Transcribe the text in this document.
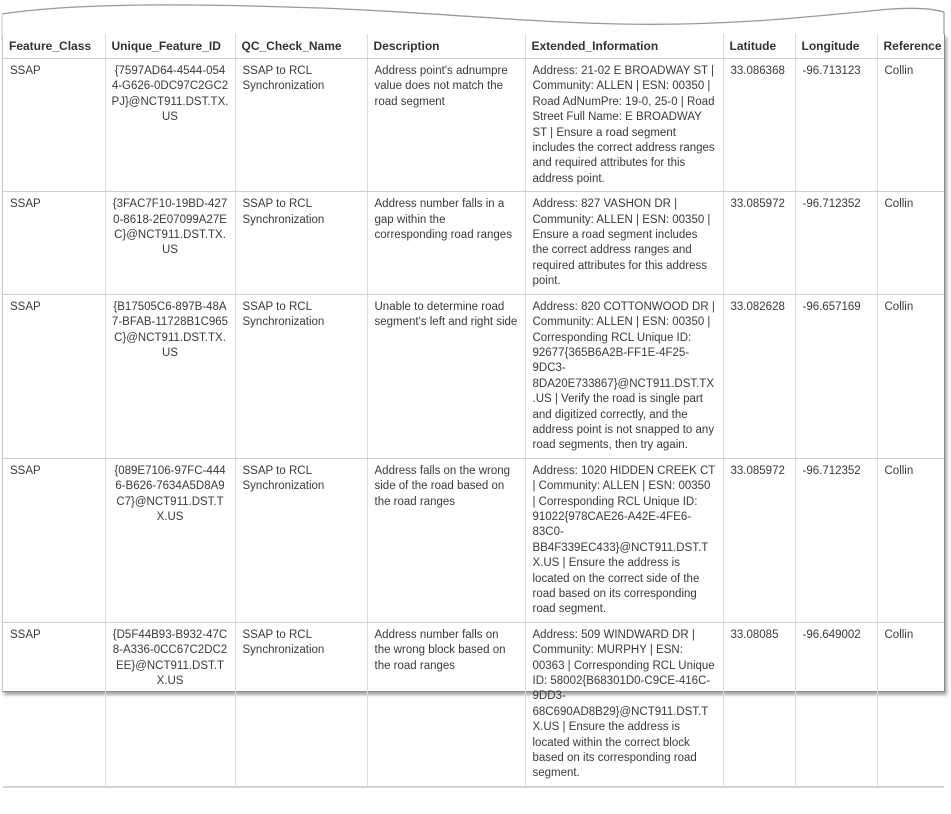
Feature_Class	Unique_Feature_ID	QC_Check_Name	Description	Extended_Information	Latitude	Longitude	Reference
SSAP	{7597AD64-4544-0544-G626-0DC97C2GC2PJ}@NCT911.DST.TX.US	SSAP to RCL Synchronization	Address point's adnumpre value does not match the road segment	Address: 21-02 E BROADWAY ST | Community: ALLEN | ESN: 00350 | Road AdNumPre: 19-0, 25-0 | Road Street Full Name: E BROADWAY ST | Ensure a road segment includes the correct address ranges and required attributes for this address point.	33.086368	-96.713123	Collin
SSAP	{3FAC7F10-19BD-4270-8618-2E07099A27EC}@NCT911.DST.TX.US	SSAP to RCL Synchronization	Address number falls in a gap within the corresponding road ranges	Address: 827 VASHON DR | Community: ALLEN | ESN: 00350 | Ensure a road segment includes the correct address ranges and required attributes for this address point.	33.085972	-96.712352	Collin
SSAP	{B17505C6-897B-48A7-BFAB-11728B1C965C}@NCT911.DST.TX.US	SSAP to RCL Synchronization	Unable to determine road segment's left and right side	Address: 820 COTTONWOOD DR | Community: ALLEN | ESN: 00350 | Corresponding RCL Unique ID: 92677{365B6A2B-FF1E-4F25-9DC3-8DA20E733867}@NCT911.DST.TX.US | Verify the road is single part and digitized correctly, and the address point is not snapped to any road segments, then try again.	33.082628	-96.657169	Collin
SSAP	{089E7106-97FC-4446-B626-7634A5D8A9C7}@NCT911.DST.TX.US	SSAP to RCL Synchronization	Address falls on the wrong side of the road based on the road ranges	Address: 1020 HIDDEN CREEK CT | Community: ALLEN | ESN: 00350 | Corresponding RCL Unique ID: 91022{978CAE26-A42E-4FE6-83C0-BB4F339EC433}@NCT911.DST.TX.US | Ensure the address is located on the correct side of the road based on its corresponding road segment.	33.085972	-96.712352	Collin
SSAP	{D5F44B93-B932-47C8-A336-0CC67C2DC2EE}@NCT911.DST.TX.US	SSAP to RCL Synchronization	Address number falls on the wrong block based on the road ranges	Address: 509 WINDWARD DR | Community: MURPHY | ESN: 00363 | Corresponding RCL Unique ID: 58002{B68301D0-C9CE-416C-9DD3-68C690AD8B29}@NCT911.DST.TX.US | Ensure the address is located within the correct block based on its corresponding road segment.	33.08085	-96.649002	Collin
